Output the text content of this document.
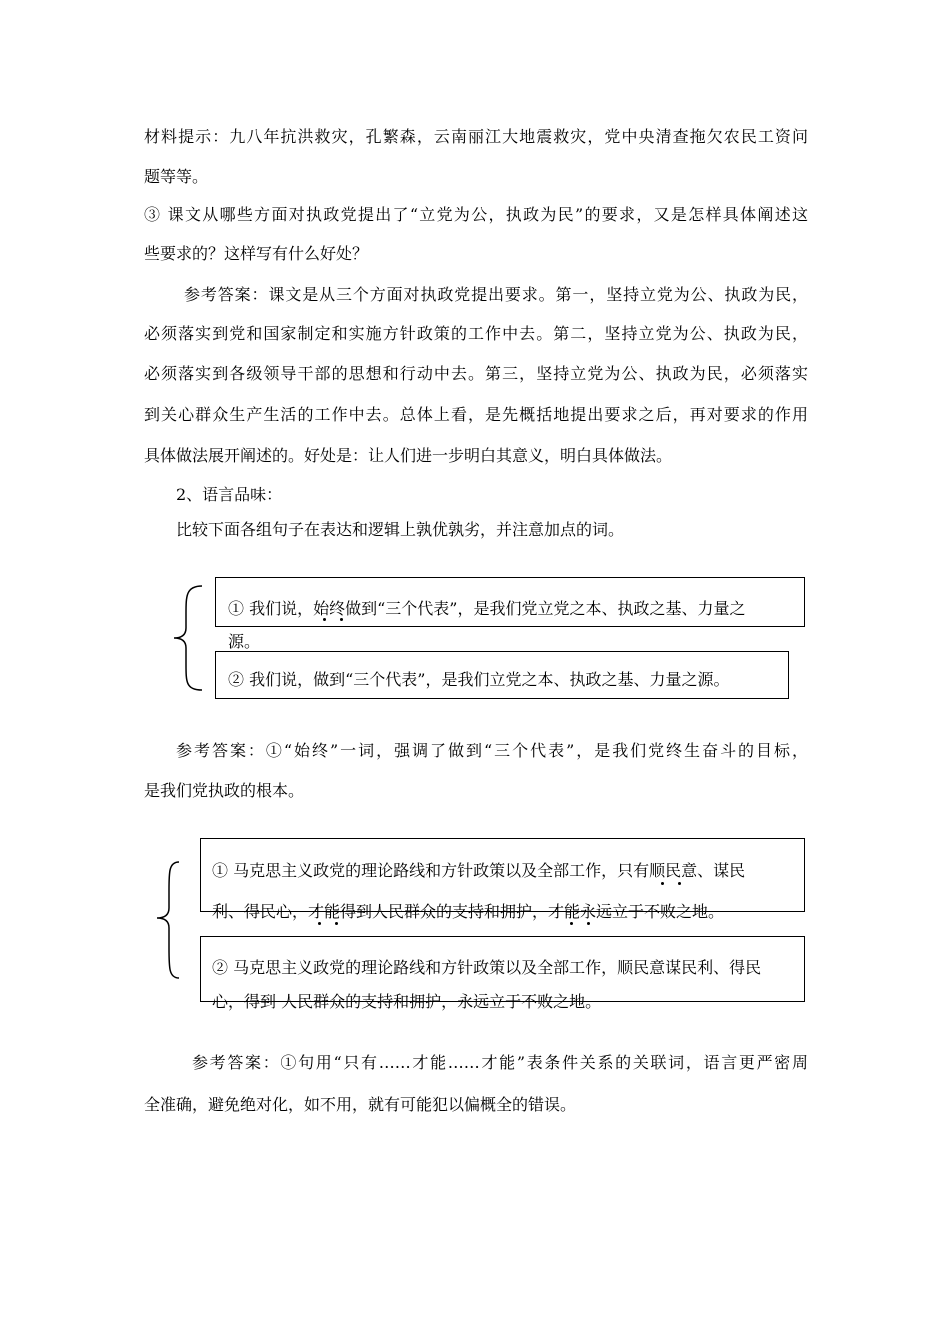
材料提示：九八年抗洪救灾，孔繁森，云南丽江大地震救灾，党中央清查拖欠农民工资问
题等等。
③ 课文从哪些方面对执政党提出了“立党为公，执政为民”的要求，又是怎样具体阐述这
些要求的？这样写有什么好处？
参考答案：课文是从三个方面对执政党提出要求。第一，坚持立党为公、执政为民，
必须落实到党和国家制定和实施方针政策的工作中去。第二，坚持立党为公、执政为民，
必须落实到各级领导干部的思想和行动中去。第三，坚持立党为公、执政为民，必须落实
到关心群众生产生活的工作中去。总体上看，是先概括地提出要求之后，再对要求的作用
具体做法展开阐述的。好处是：让人们进一步明白其意义，明白具体做法。
2、语言品味：
比较下面各组句子在表达和逻辑上孰优孰劣，并注意加点的词。
① 我们说，始终做到“三个代表”，是我们党立党之本、执政之基、力量之
源。
② 我们说，做到“三个代表”，是我们立党之本、执政之基、力量之源。
参考答案：①“始终”一词，强调了做到“三个代表”，是我们党终生奋斗的目标，
是我们党执政的根本。
① 马克思主义政党的理论路线和方针政策以及全部工作，只有顺民意、谋民
利、得民心，才能得到人民群众的支持和拥护，才能永远立于不败之地。
② 马克思主义政党的理论路线和方针政策以及全部工作，顺民意谋民利、得民
心，得到 人民群众的支持和拥护，永远立于不败之地。
参考答案：①句用“只有……才能……才能”表条件关系的关联词，语言更严密周
全准确，避免绝对化，如不用，就有可能犯以偏概全的错误。
